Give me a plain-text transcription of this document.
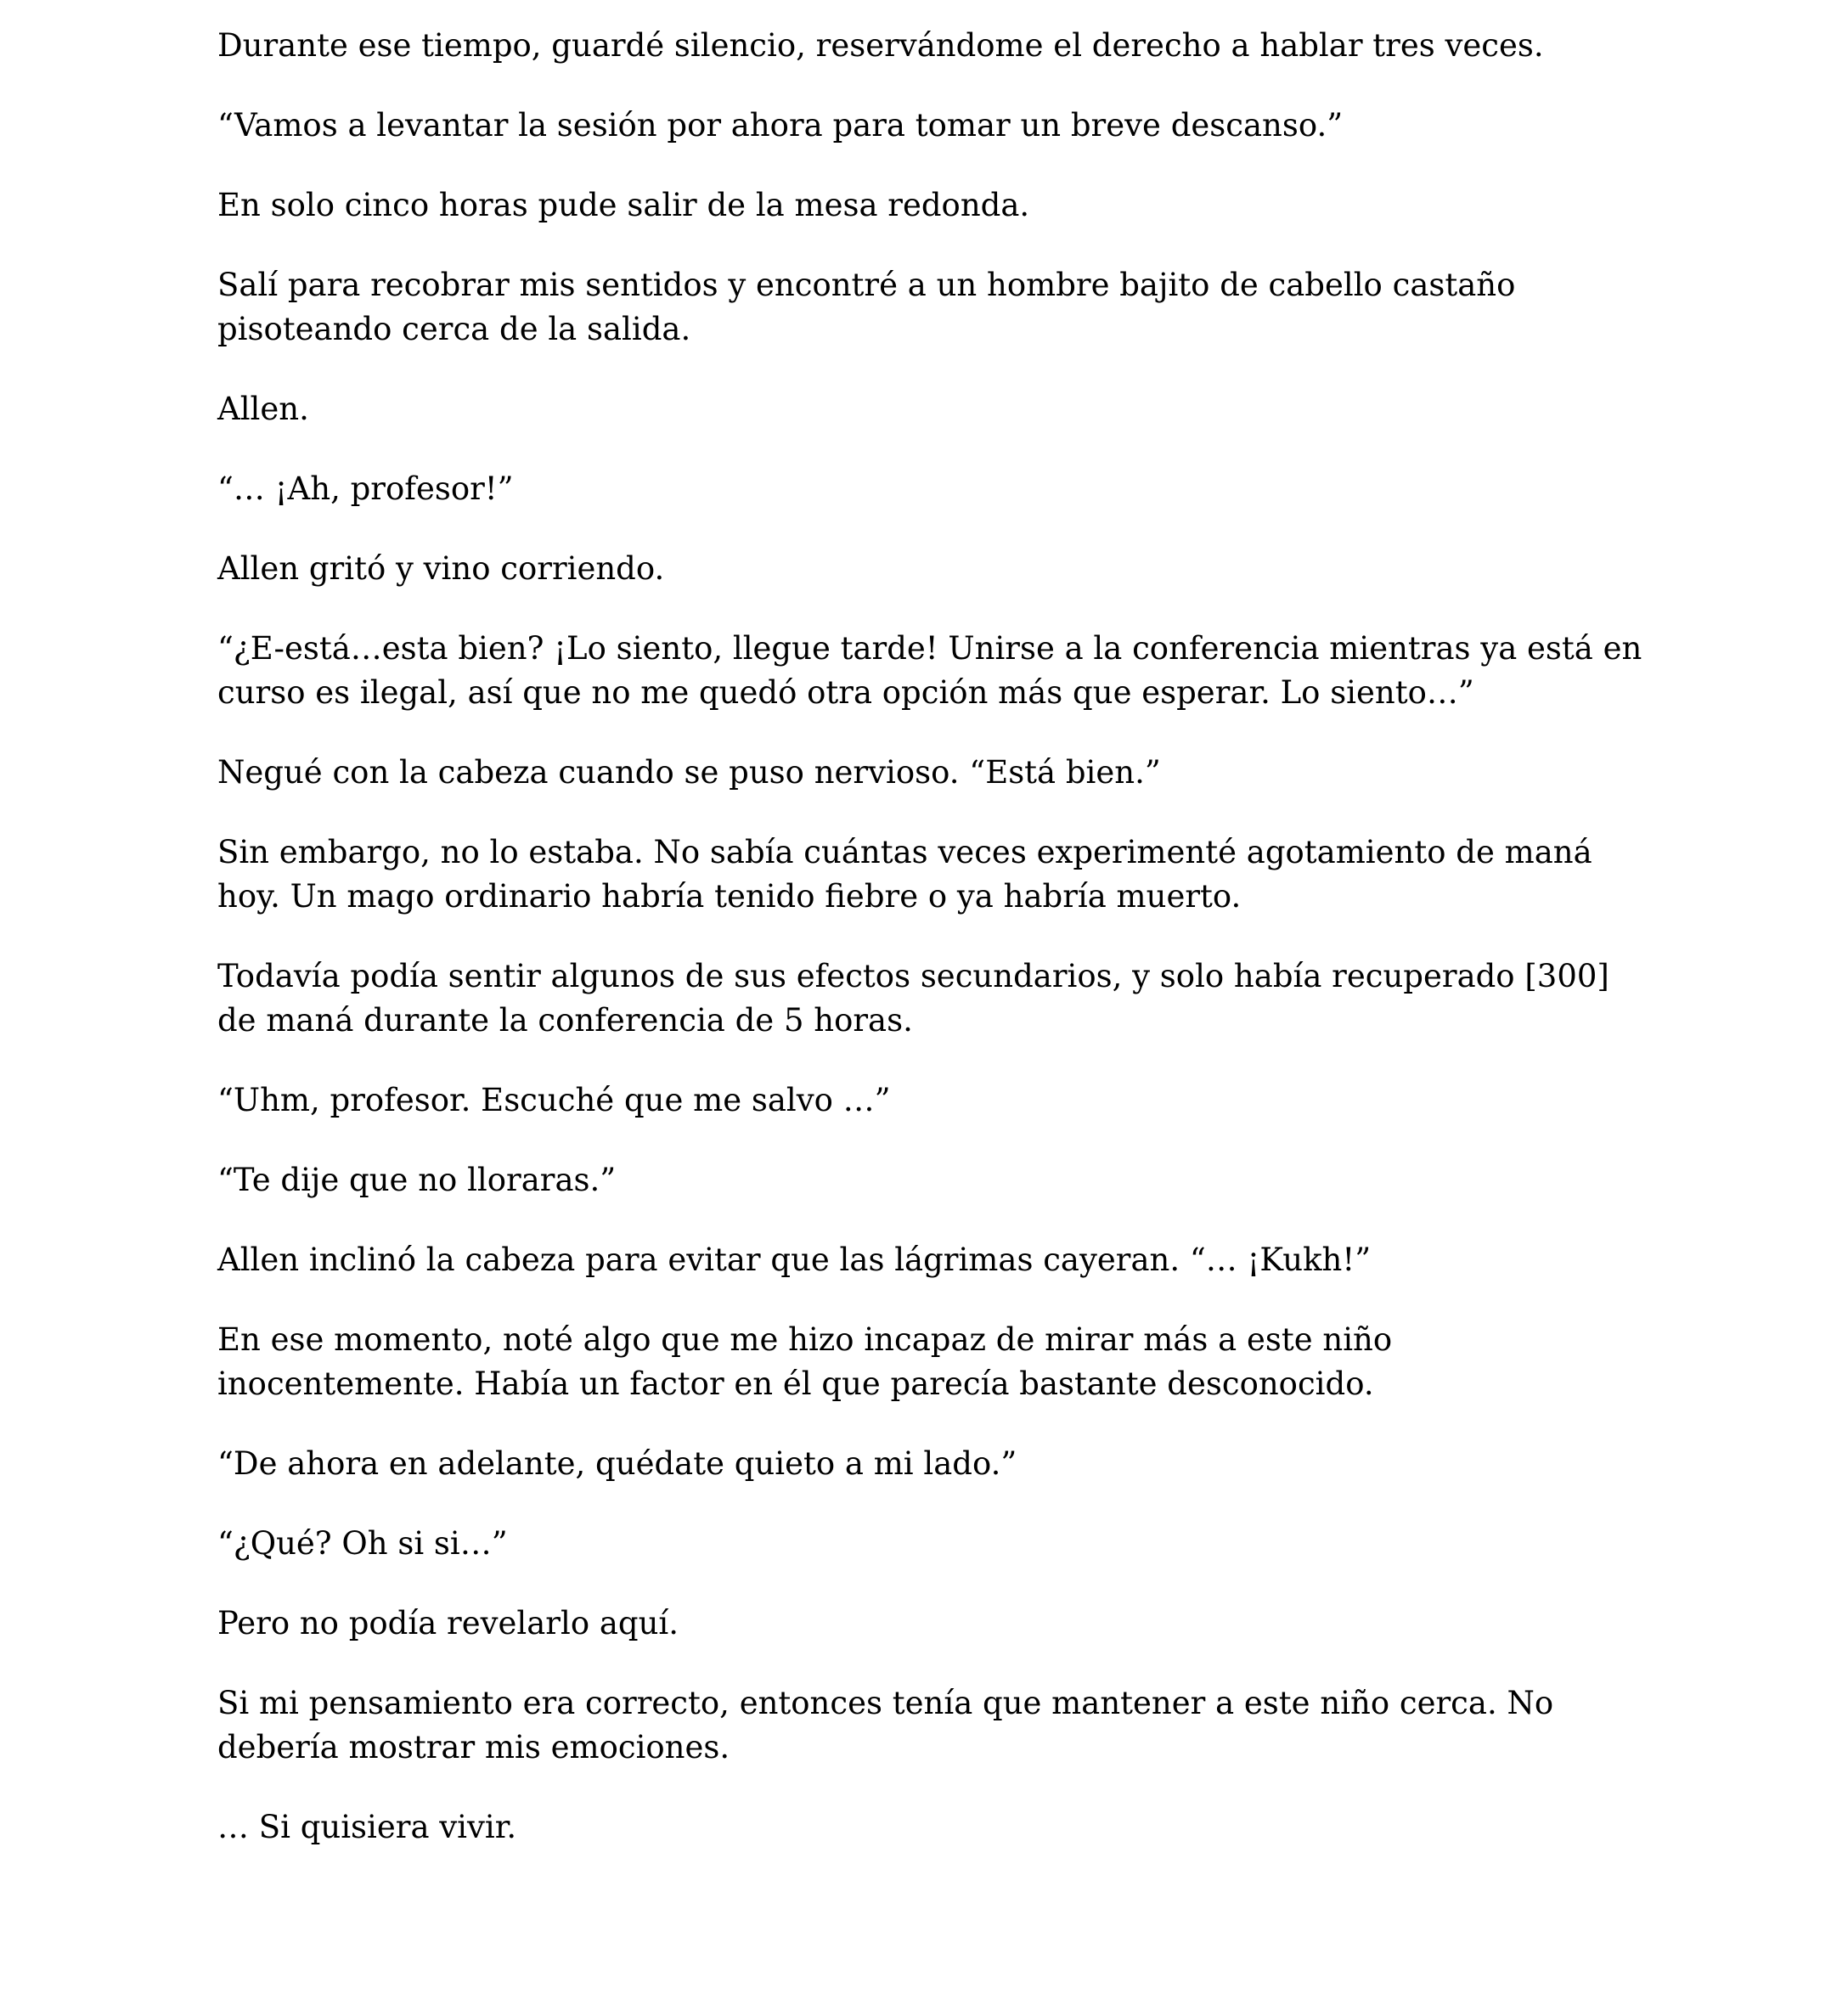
Durante ese tiempo, guardé silencio, reservándome el derecho a hablar tres veces.

“Vamos a levantar la sesión por ahora para tomar un breve descanso.”

En solo cinco horas pude salir de la mesa redonda.

Salí para recobrar mis sentidos y encontré a un hombre bajito de cabello castaño pisoteando cerca de la salida.

Allen.

“… ¡Ah, profesor!”

Allen gritó y vino corriendo.

“¿E-está…esta bien? ¡Lo siento, llegue tarde! Unirse a la conferencia mientras ya está en curso es ilegal, así que no me quedó otra opción más que esperar. Lo siento…”

Negué con la cabeza cuando se puso nervioso. “Está bien.”

Sin embargo, no lo estaba. No sabía cuántas veces experimenté agotamiento de maná hoy. Un mago ordinario habría tenido fiebre o ya habría muerto.

Todavía podía sentir algunos de sus efectos secundarios, y solo había recuperado [300] de maná durante la conferencia de 5 horas.

“Uhm, profesor. Escuché que me salvo …”

“Te dije que no lloraras.”

Allen inclinó la cabeza para evitar que las lágrimas cayeran. “… ¡Kukh!”

En ese momento, noté algo que me hizo incapaz de mirar más a este niño inocentemente. Había un factor en él que parecía bastante desconocido.

“De ahora en adelante, quédate quieto a mi lado.”

“¿Qué? Oh si si…”

Pero no podía revelarlo aquí.

Si mi pensamiento era correcto, entonces tenía que mantener a este niño cerca. No debería mostrar mis emociones.

… Si quisiera vivir.
